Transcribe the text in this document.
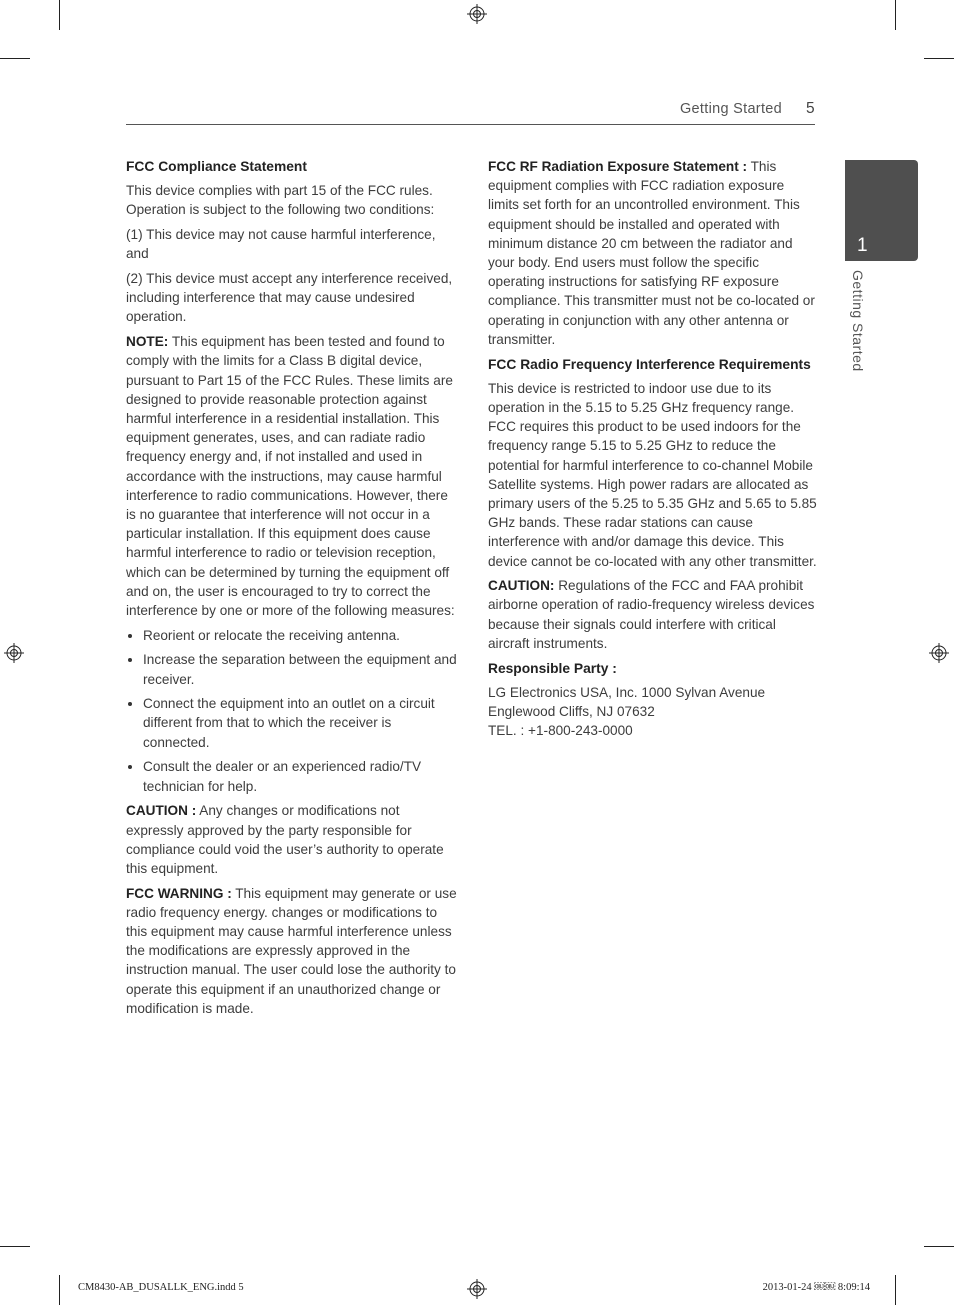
Getting Started 5
1
Getting Started
FCC Compliance Statement

This device complies with part 15 of the FCC rules. Operation is subject to the following two conditions:

(1) This device may not cause harmful interference, and

(2) This device must accept any interference received, including interference that may cause undesired operation.

NOTE: This equipment has been tested and found to comply with the limits for a Class B digital device, pursuant to Part 15 of the FCC Rules. These limits are designed to provide reasonable protection against harmful interference in a residential installation. This equipment generates, uses, and can radiate radio frequency energy and, if not installed and used in accordance with the instructions, may cause harmful interference to radio communications. However, there is no guarantee that interference will not occur in a particular installation. If this equipment does cause harmful interference to radio or television reception, which can be determined by turning the equipment off and on, the user is encouraged to try to correct the interference by one or more of the following measures:

Reorient or relocate the receiving antenna.
Increase the separation between the equipment and receiver.
Connect the equipment into an outlet on a circuit different from that to which the receiver is connected.
Consult the dealer or an experienced radio/TV technician for help.

CAUTION : Any changes or modifications not expressly approved by the party responsible for compliance could void the user’s authority to operate this equipment.

FCC WARNING : This equipment may generate or use radio frequency energy. changes or modifications to this equipment may cause harmful interference unless the modifications are expressly approved in the instruction manual. The user could lose the authority to operate this equipment if an unauthorized change or modification is made.

FCC RF Radiation Exposure Statement : This equipment complies with FCC radiation exposure limits set forth for an uncontrolled environment. This equipment should be installed and operated with minimum distance 20 cm between the radiator and your body. End users must follow the specific operating instructions for satisfying RF exposure compliance. This transmitter must not be co-located or operating in conjunction with any other antenna or transmitter.

FCC Radio Frequency Interference Requirements

This device is restricted to indoor use due to its operation in the 5.15 to 5.25 GHz frequency range. FCC requires this product to be used indoors for the frequency range 5.15 to 5.25 GHz to reduce the potential for harmful interference to co-channel Mobile Satellite systems. High power radars are allocated as primary users of the 5.25 to 5.35 GHz and 5.65 to 5.85 GHz bands. These radar stations can cause interference with and/or damage this device. This device cannot be co-located with any other transmitter.

CAUTION: Regulations of the FCC and FAA prohibit airborne operation of radio-frequency wireless devices because their signals could interfere with critical aircraft instruments.

Responsible Party :

LG Electronics USA, Inc. 1000 Sylvan Avenue
Englewood Cliffs, NJ 07632
TEL. : +1-800-243-0000

CM8430-AB_DUSALLK_ENG.indd 5	2013-01-24 ￼￼ 8:09:14
